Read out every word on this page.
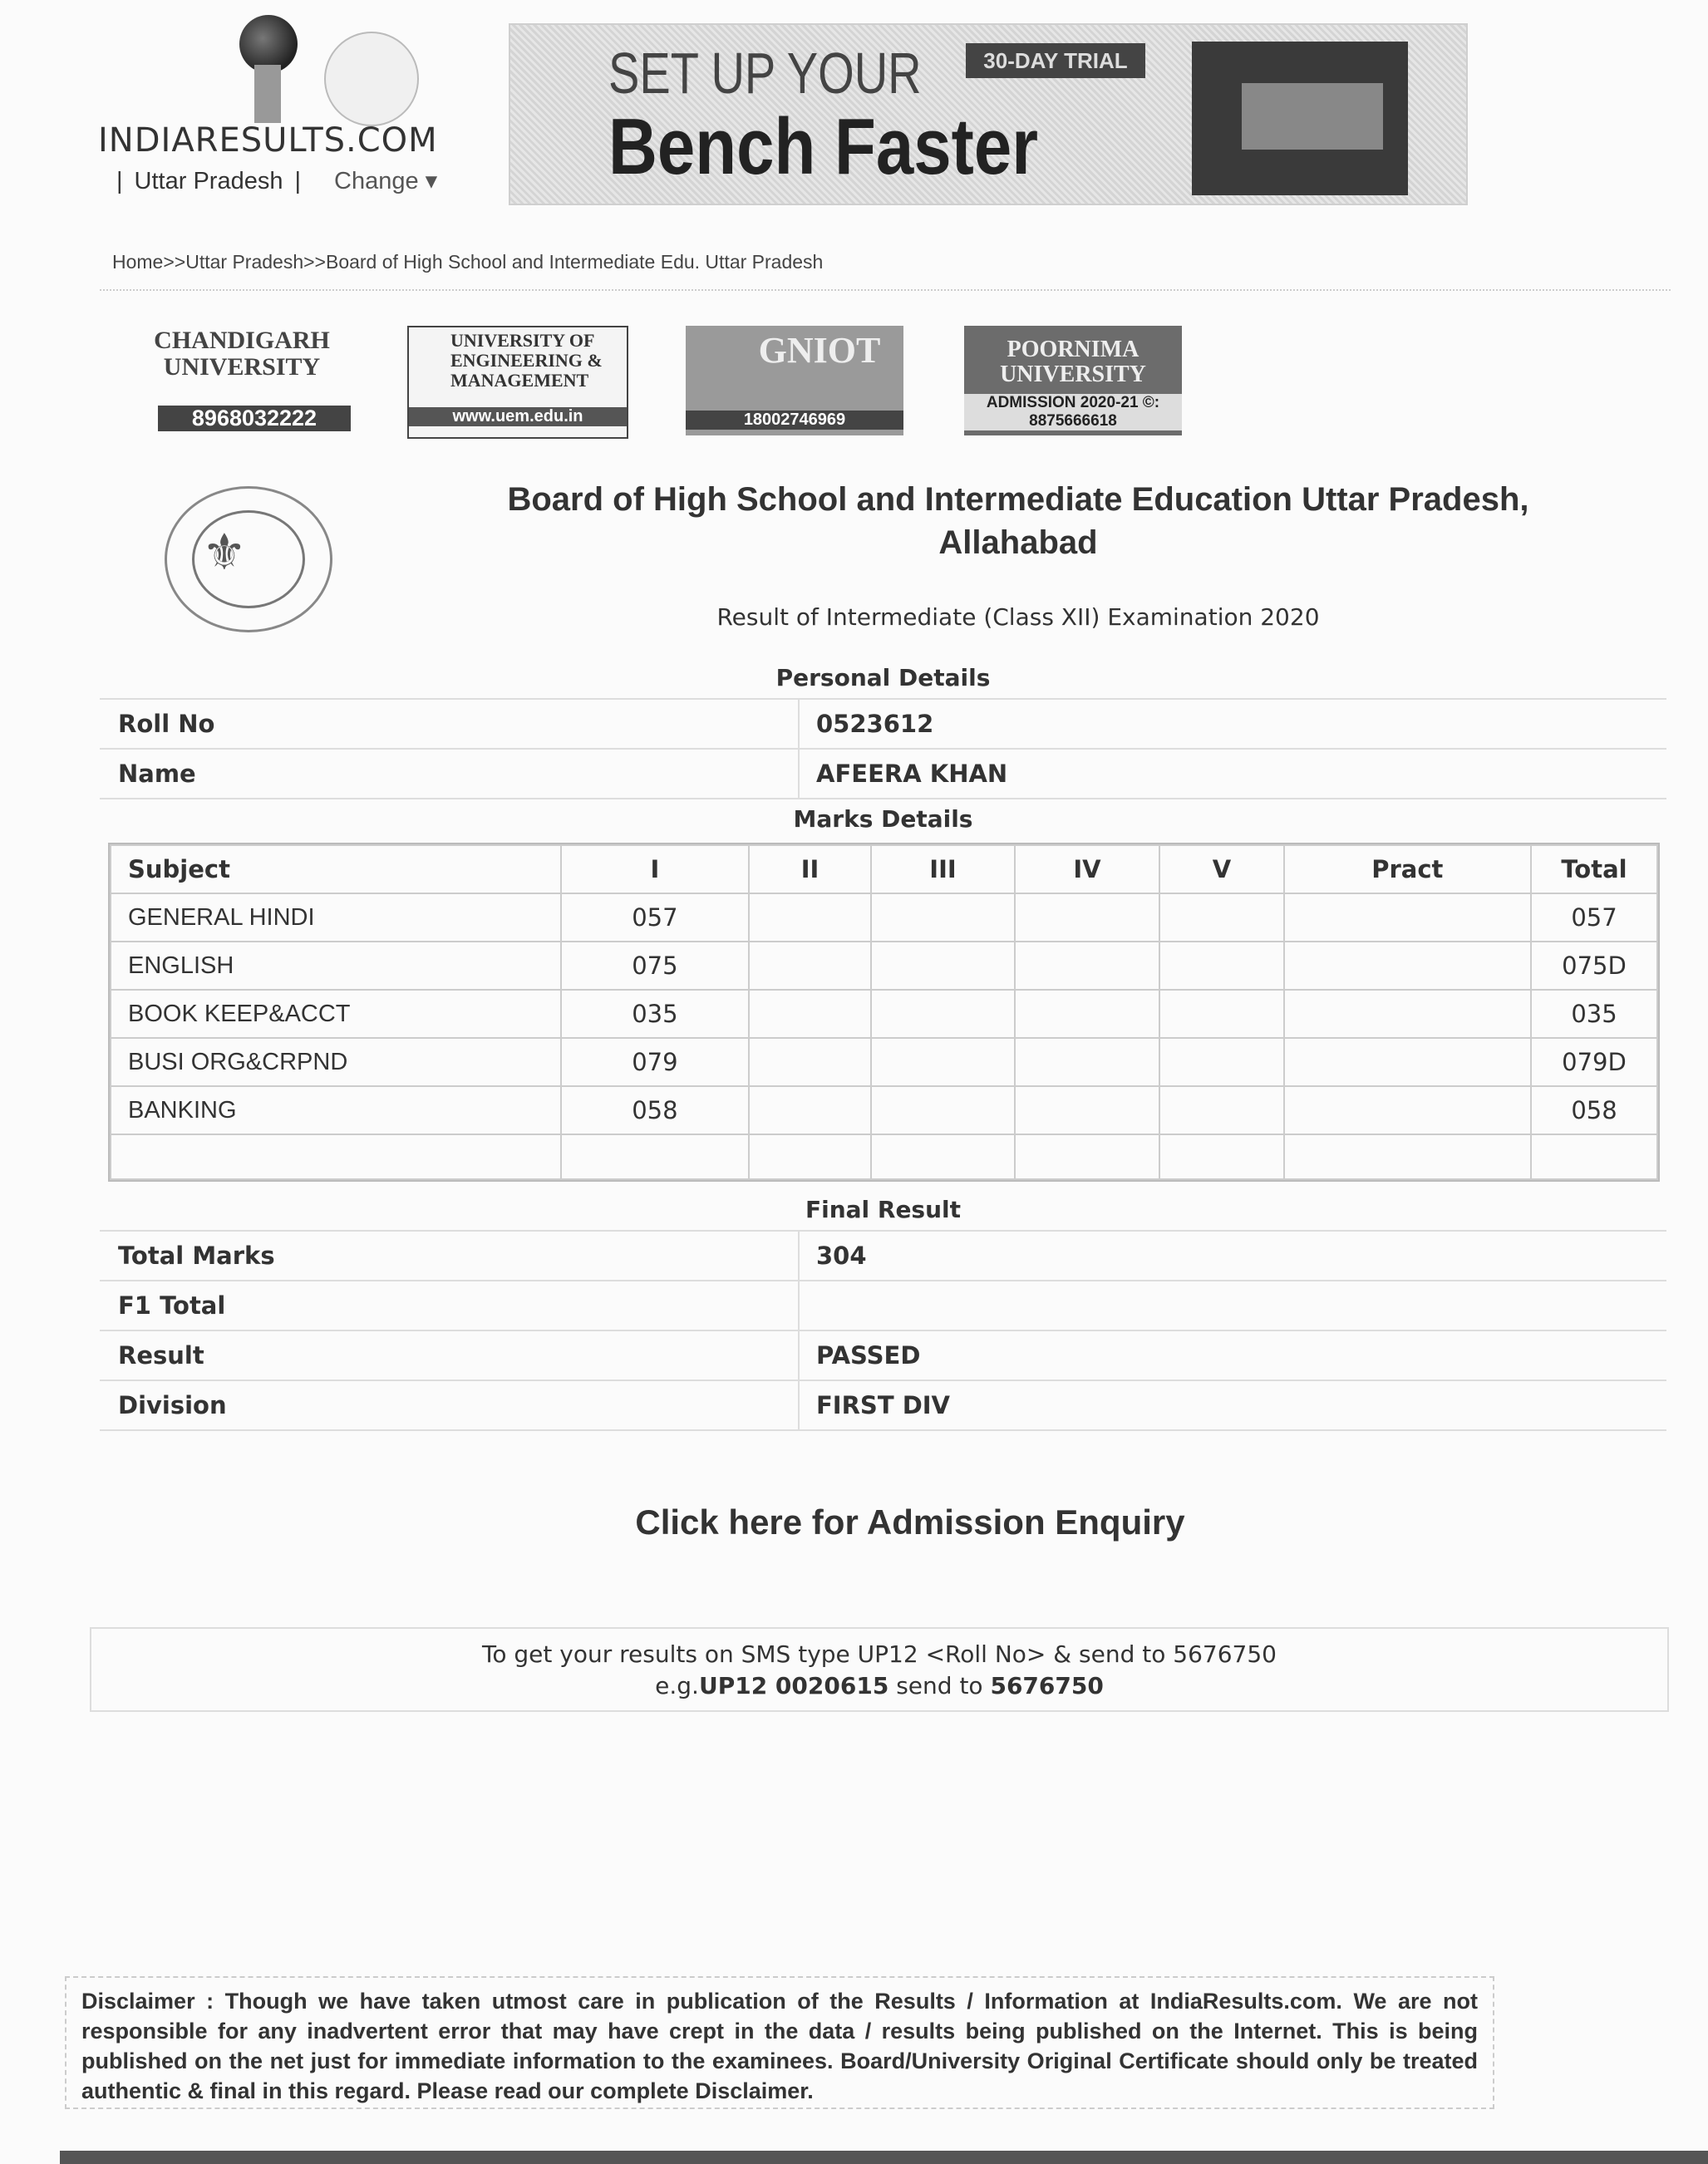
INDIARESULTS.COM
| Uttar Pradesh | Change ▾
SET UP YOUR
Bench Faster
30-DAY TRIAL
Home>>Uttar Pradesh>>Board of High School and Intermediate Edu. Uttar Pradesh
CHANDIGARH UNIVERSITY
8968032222
UNIVERSITY OF ENGINEERING & MANAGEMENT
www.uem.edu.in
GNIOT
18002746969
POORNIMA UNIVERSITY
ADMISSION 2020-21 ©: 8875666618
⚜
Board of High School and Intermediate Education Uttar Pradesh, Allahabad
Result of Intermediate (Class XII) Examination 2020
Personal Details
Roll No	0523612
Name	AFEERA KHAN
Marks Details
Subject	I	II	III	IV	V	Pract	Total
GENERAL HINDI	057						057
ENGLISH	075						075D
BOOK KEEP&ACCT	035						035
BUSI ORG&CRPND	079						079D
BANKING	058						058

Final Result
Total Marks	304
F1 Total
Result	PASSED
Division	FIRST DIV
Click here for Admission Enquiry
To get your results on SMS type UP12 <Roll No> & send to 5676750
e.g.UP12 0020615 send to 5676750
Disclaimer : Though we have taken utmost care in publication of the Results / Information at IndiaResults.com. We are not responsible for any inadvertent error that may have crept in the data / results being published on the Internet. This is being published on the net just for immediate information to the examinees. Board/University Original Certificate should only be treated authentic & final in this regard. Please read our complete Disclaimer.
